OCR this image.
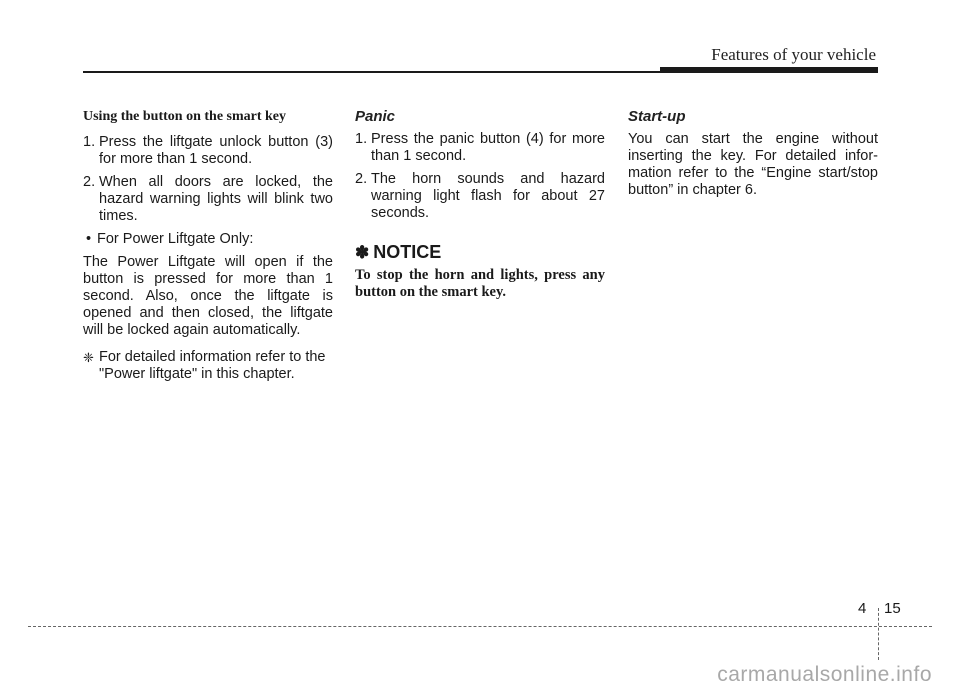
Features of your vehicle
Using the button on the smart key
1. Press the liftgate unlock button (3) for more than 1 second.
2. When all doors are locked, the hazard warning lights will blink two times.
• For Power Liftgate Only:

The Power Liftgate will open if the button is pressed for more than 1 second. Also, once the liftgate is opened and then closed, the liftgate will be locked again automatically.

❈ For detailed information refer to the "Power liftgate" in this chapter.
Panic
1. Press the panic button (4) for more than 1 second.
2. The horn sounds and hazard warning light flash for about 27 seconds.
✽ NOTICE
To stop the horn and lights, press any button on the smart key.
Start-up

You can start the engine without inserting the key. For detailed infor-mation refer to the “Engine start/stop button” in chapter 6.

4 15
carmanualsonline.info
